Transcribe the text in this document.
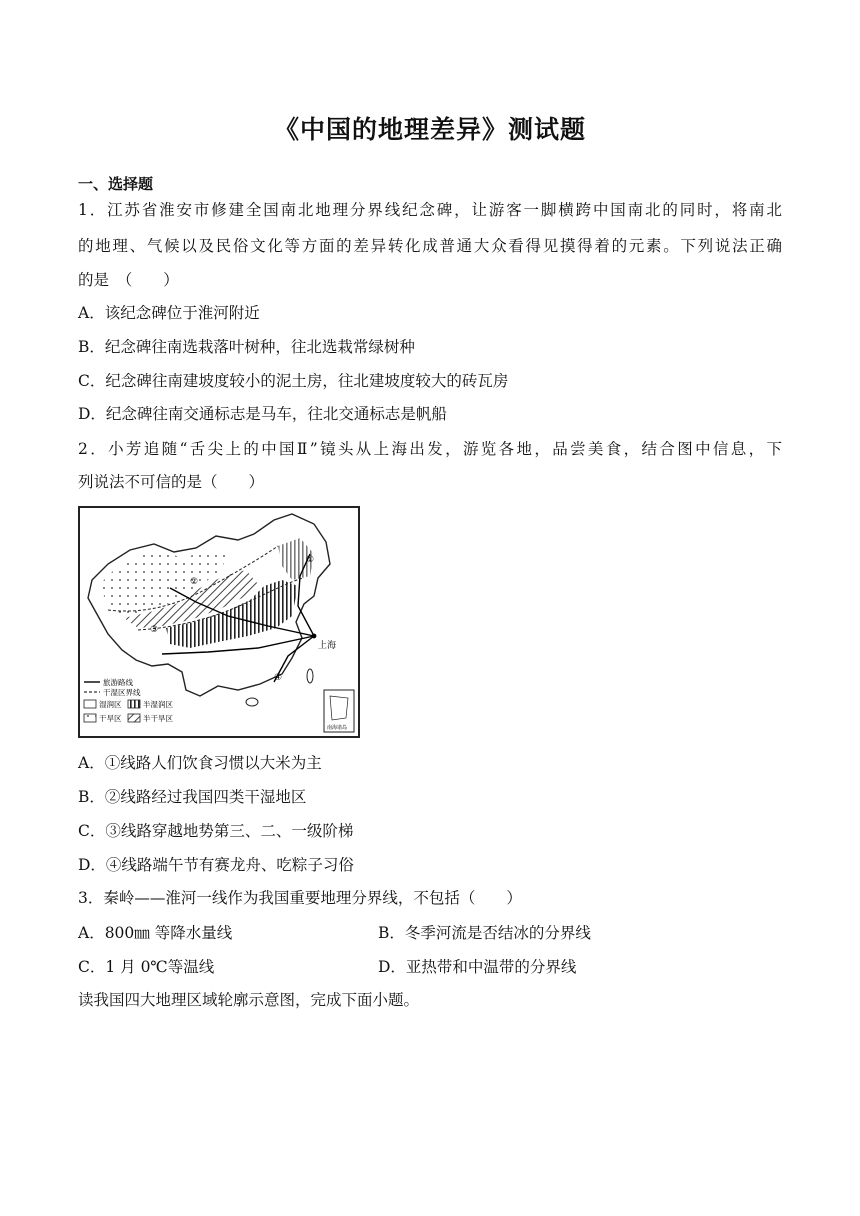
《中国的地理差异》测试题
一、选择题
1．江苏省淮安市修建全国南北地理分界线纪念碑，让游客一脚横跨中国南北的同时，将南北
的地理、气候以及民俗文化等方面的差异转化成普通大众看得见摸得着的元素。下列说法正确
的是　（　　）
A．该纪念碑位于淮河附近
B．纪念碑往南选栽落叶树种，往北选栽常绿树种
C．纪念碑往南建坡度较小的泥土房，往北建坡度较大的砖瓦房
D．纪念碑往南交通标志是马车，往北交通标志是帆船
2．小芳追随“舌尖上的中国Ⅱ”镜头从上海出发，游览各地，品尝美食，结合图中信息，下
列说法不可信的是（　　）
上海
①
②
③
④
南海诸岛
旅游路线
干湿区界线
湿润区	半湿润区
干旱区	半干旱区
A．①线路人们饮食习惯以大米为主
B．②线路经过我国四类干湿地区
C．③线路穿越地势第三、二、一级阶梯
D．④线路端午节有赛龙舟、吃粽子习俗
3．秦岭——淮河一线作为我国重要地理分界线，不包括（　　）
A．800㎜ 等降水量线	B．冬季河流是否结冰的分界线
C．1 月 0℃等温线	D．亚热带和中温带的分界线
读我国四大地理区域轮廓示意图，完成下面小题。
